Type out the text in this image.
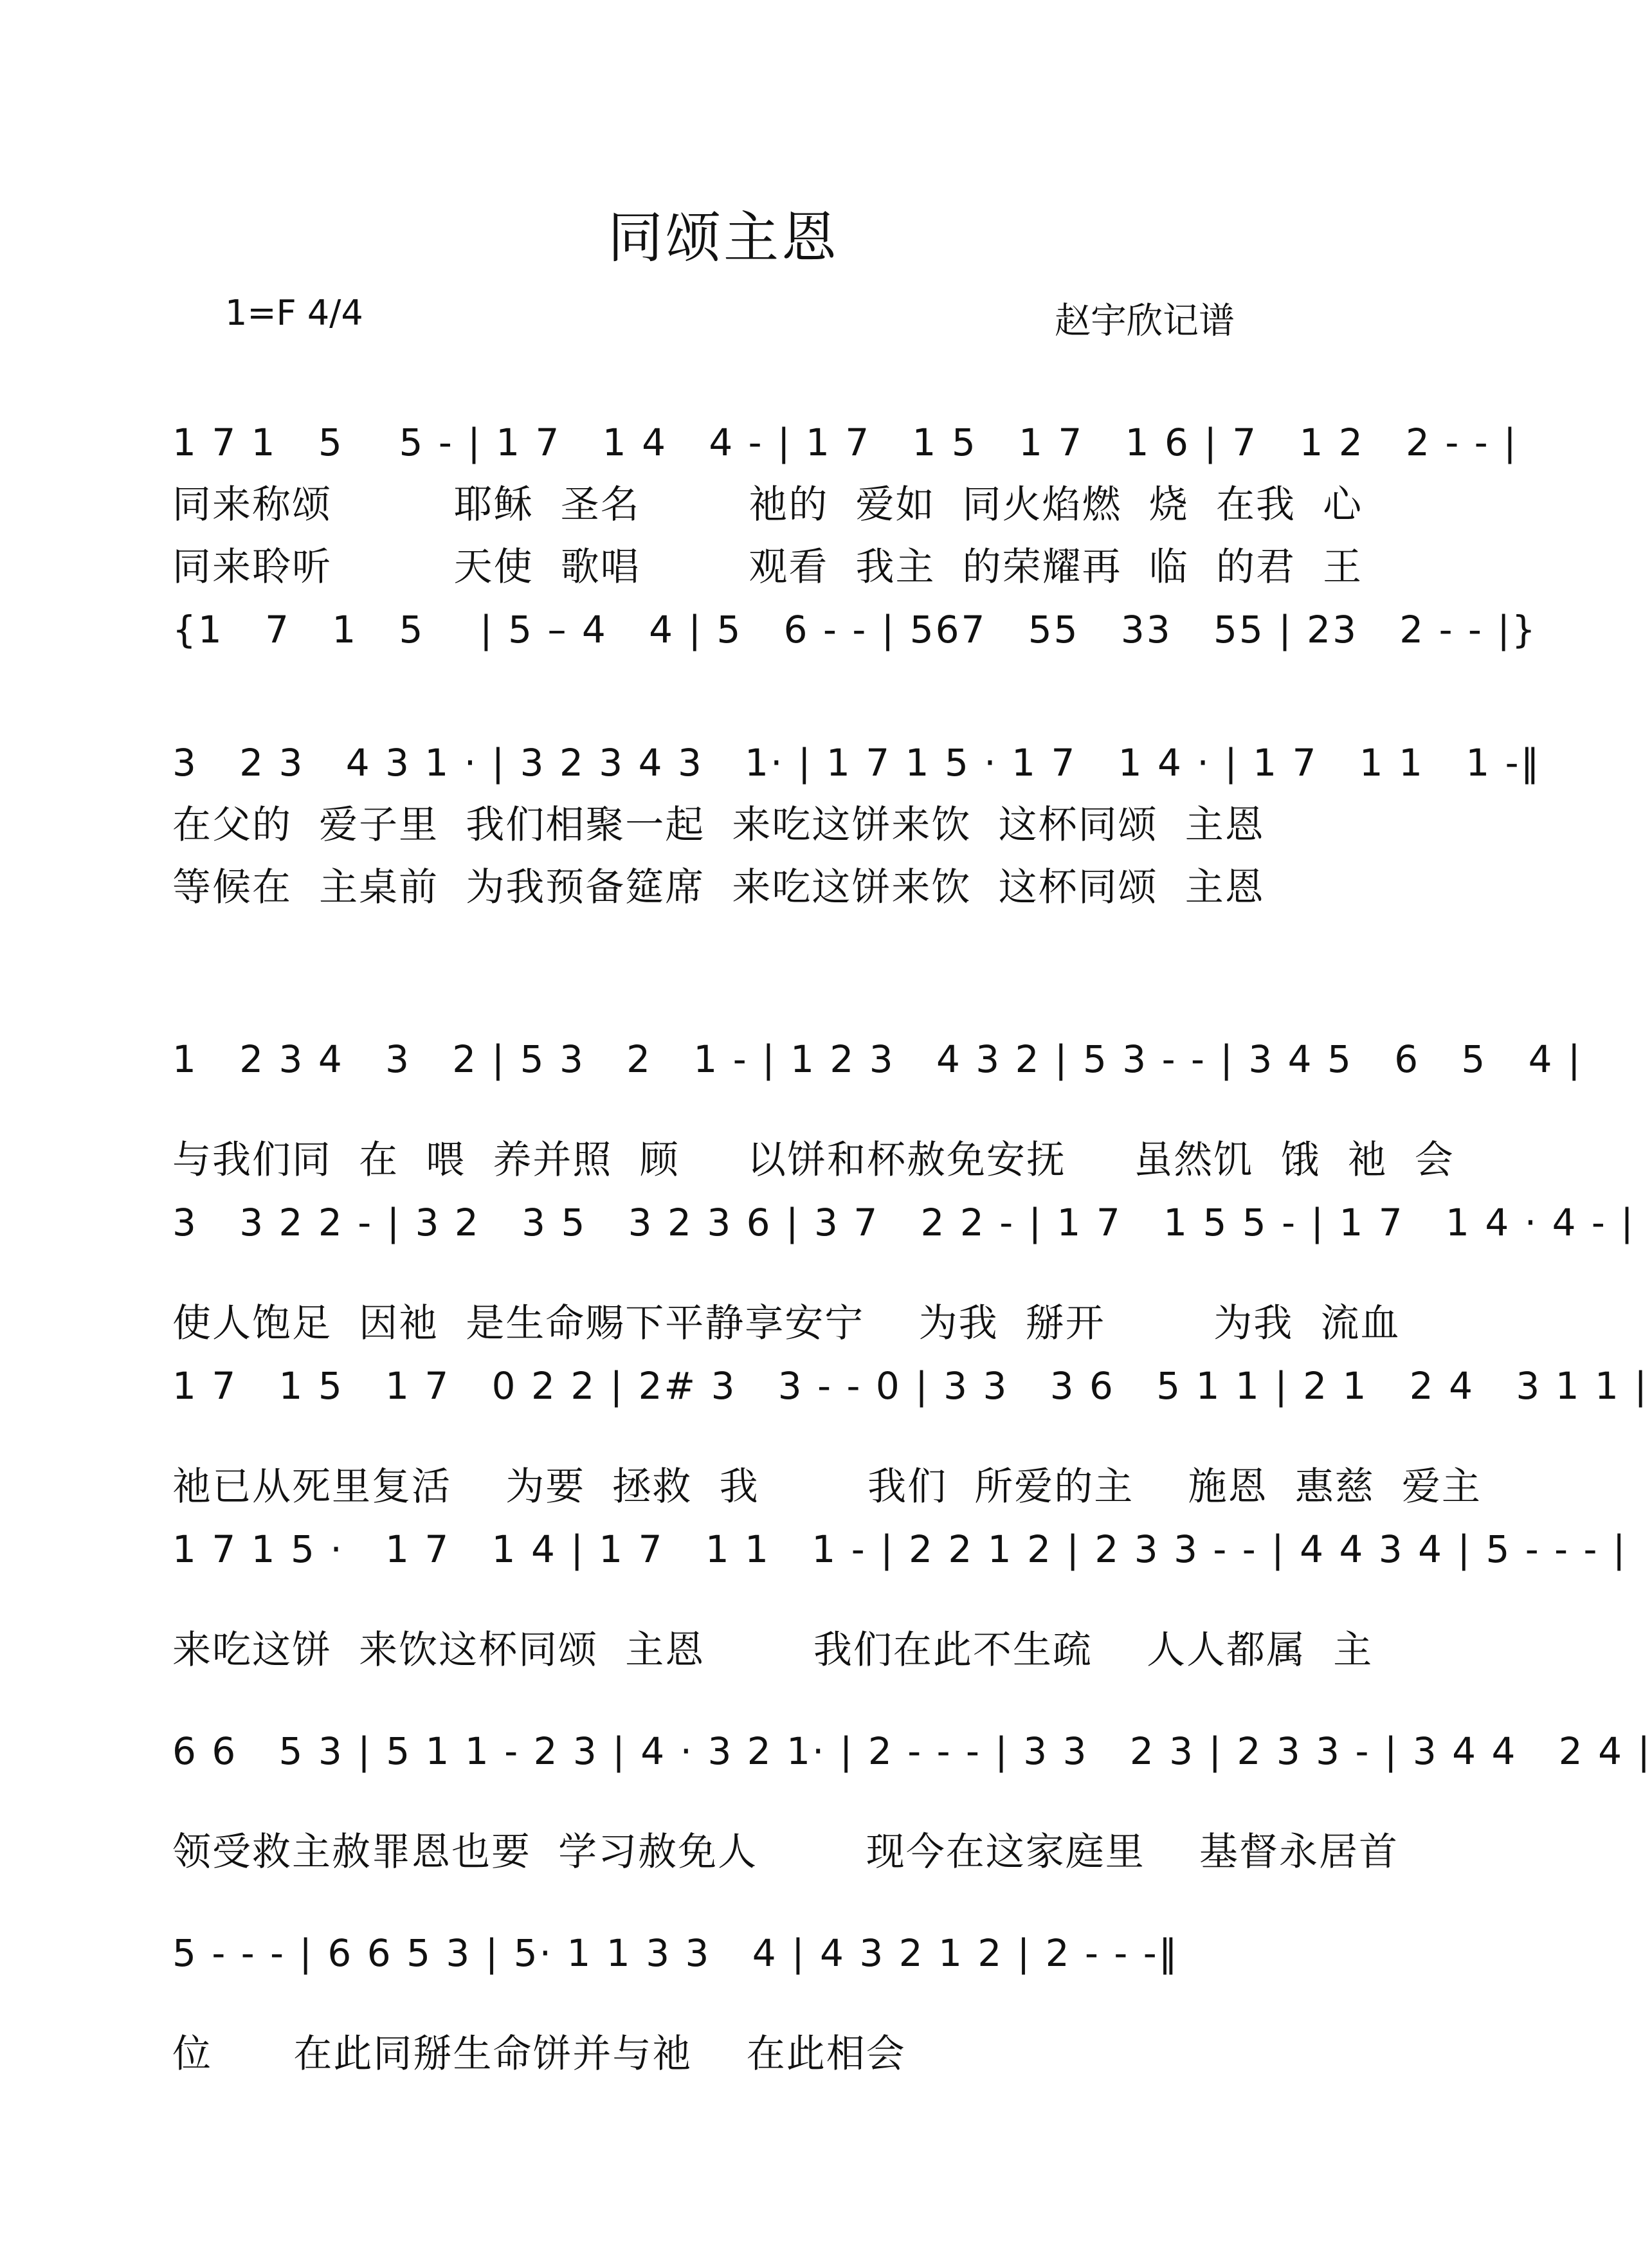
同颂主恩
1=F 4/4	赵宇欣记谱
1 7 1   5    5 - | 1 7   1 4   4 - | 1 7   1 5   1 7   1 6 | 7   1 2   2 - - |
同来称颂         耶稣  圣名        祂的  爱如  同火焰燃  烧  在我  心
同来聆听         天使  歌唱        观看  我主  的荣耀再  临  的君  王
{1   7   1   5    | 5 – 4   4 | 5   6 - - | 567   55   33   55 | 23   2 - - |}
3   2 3   4 3 1 · | 3 2 3 4 3   1· | 1 7 1 5 · 1 7   1 4 · | 1 7   1 1   1 -‖
在父的  爱子里  我们相聚一起  来吃这饼来饮  这杯同颂  主恩
等候在  主桌前  为我预备筵席  来吃这饼来饮  这杯同颂  主恩
1   2 3 4   3   2 | 5 3   2   1 - | 1 2 3   4 3 2 | 5 3 - - | 3 4 5   6   5   4 |
与我们同  在  喂  养并照  顾     以饼和杯赦免安抚     虽然饥  饿  祂  会
3   3 2 2 - | 3 2   3 5   3 2 3 6 | 3 7   2 2 - | 1 7   1 5 5 - | 1 7   1 4 · 4 - |
使人饱足  因祂  是生命赐下平静享安宁    为我  掰开        为我  流血
1 7   1 5   1 7   0 2 2 | 2# 3   3 - - 0 | 3 3   3 6   5 1 1 | 2 1   2 4   3 1 1 |
祂已从死里复活    为要  拯救  我        我们  所爱的主    施恩  惠慈  爱主
1 7 1 5 ·   1 7   1 4 | 1 7   1 1   1 - | 2 2 1 2 | 2 3 3 - - | 4 4 3 4 | 5 - - - |
来吃这饼  来饮这杯同颂  主恩        我们在此不生疏    人人都属  主
6 6   5 3 | 5 1 1 - 2 3 | 4 · 3 2 1· | 2 - - - | 3 3   2 3 | 2 3 3 - | 3 4 4   2 4 |
领受救主赦罪恩也要  学习赦免人        现今在这家庭里    基督永居首
5 - - - | 6 6 5 3 | 5· 1 1 3 3   4 | 4 3 2 1 2 | 2 - - -‖
位      在此同掰生命饼并与祂    在此相会
